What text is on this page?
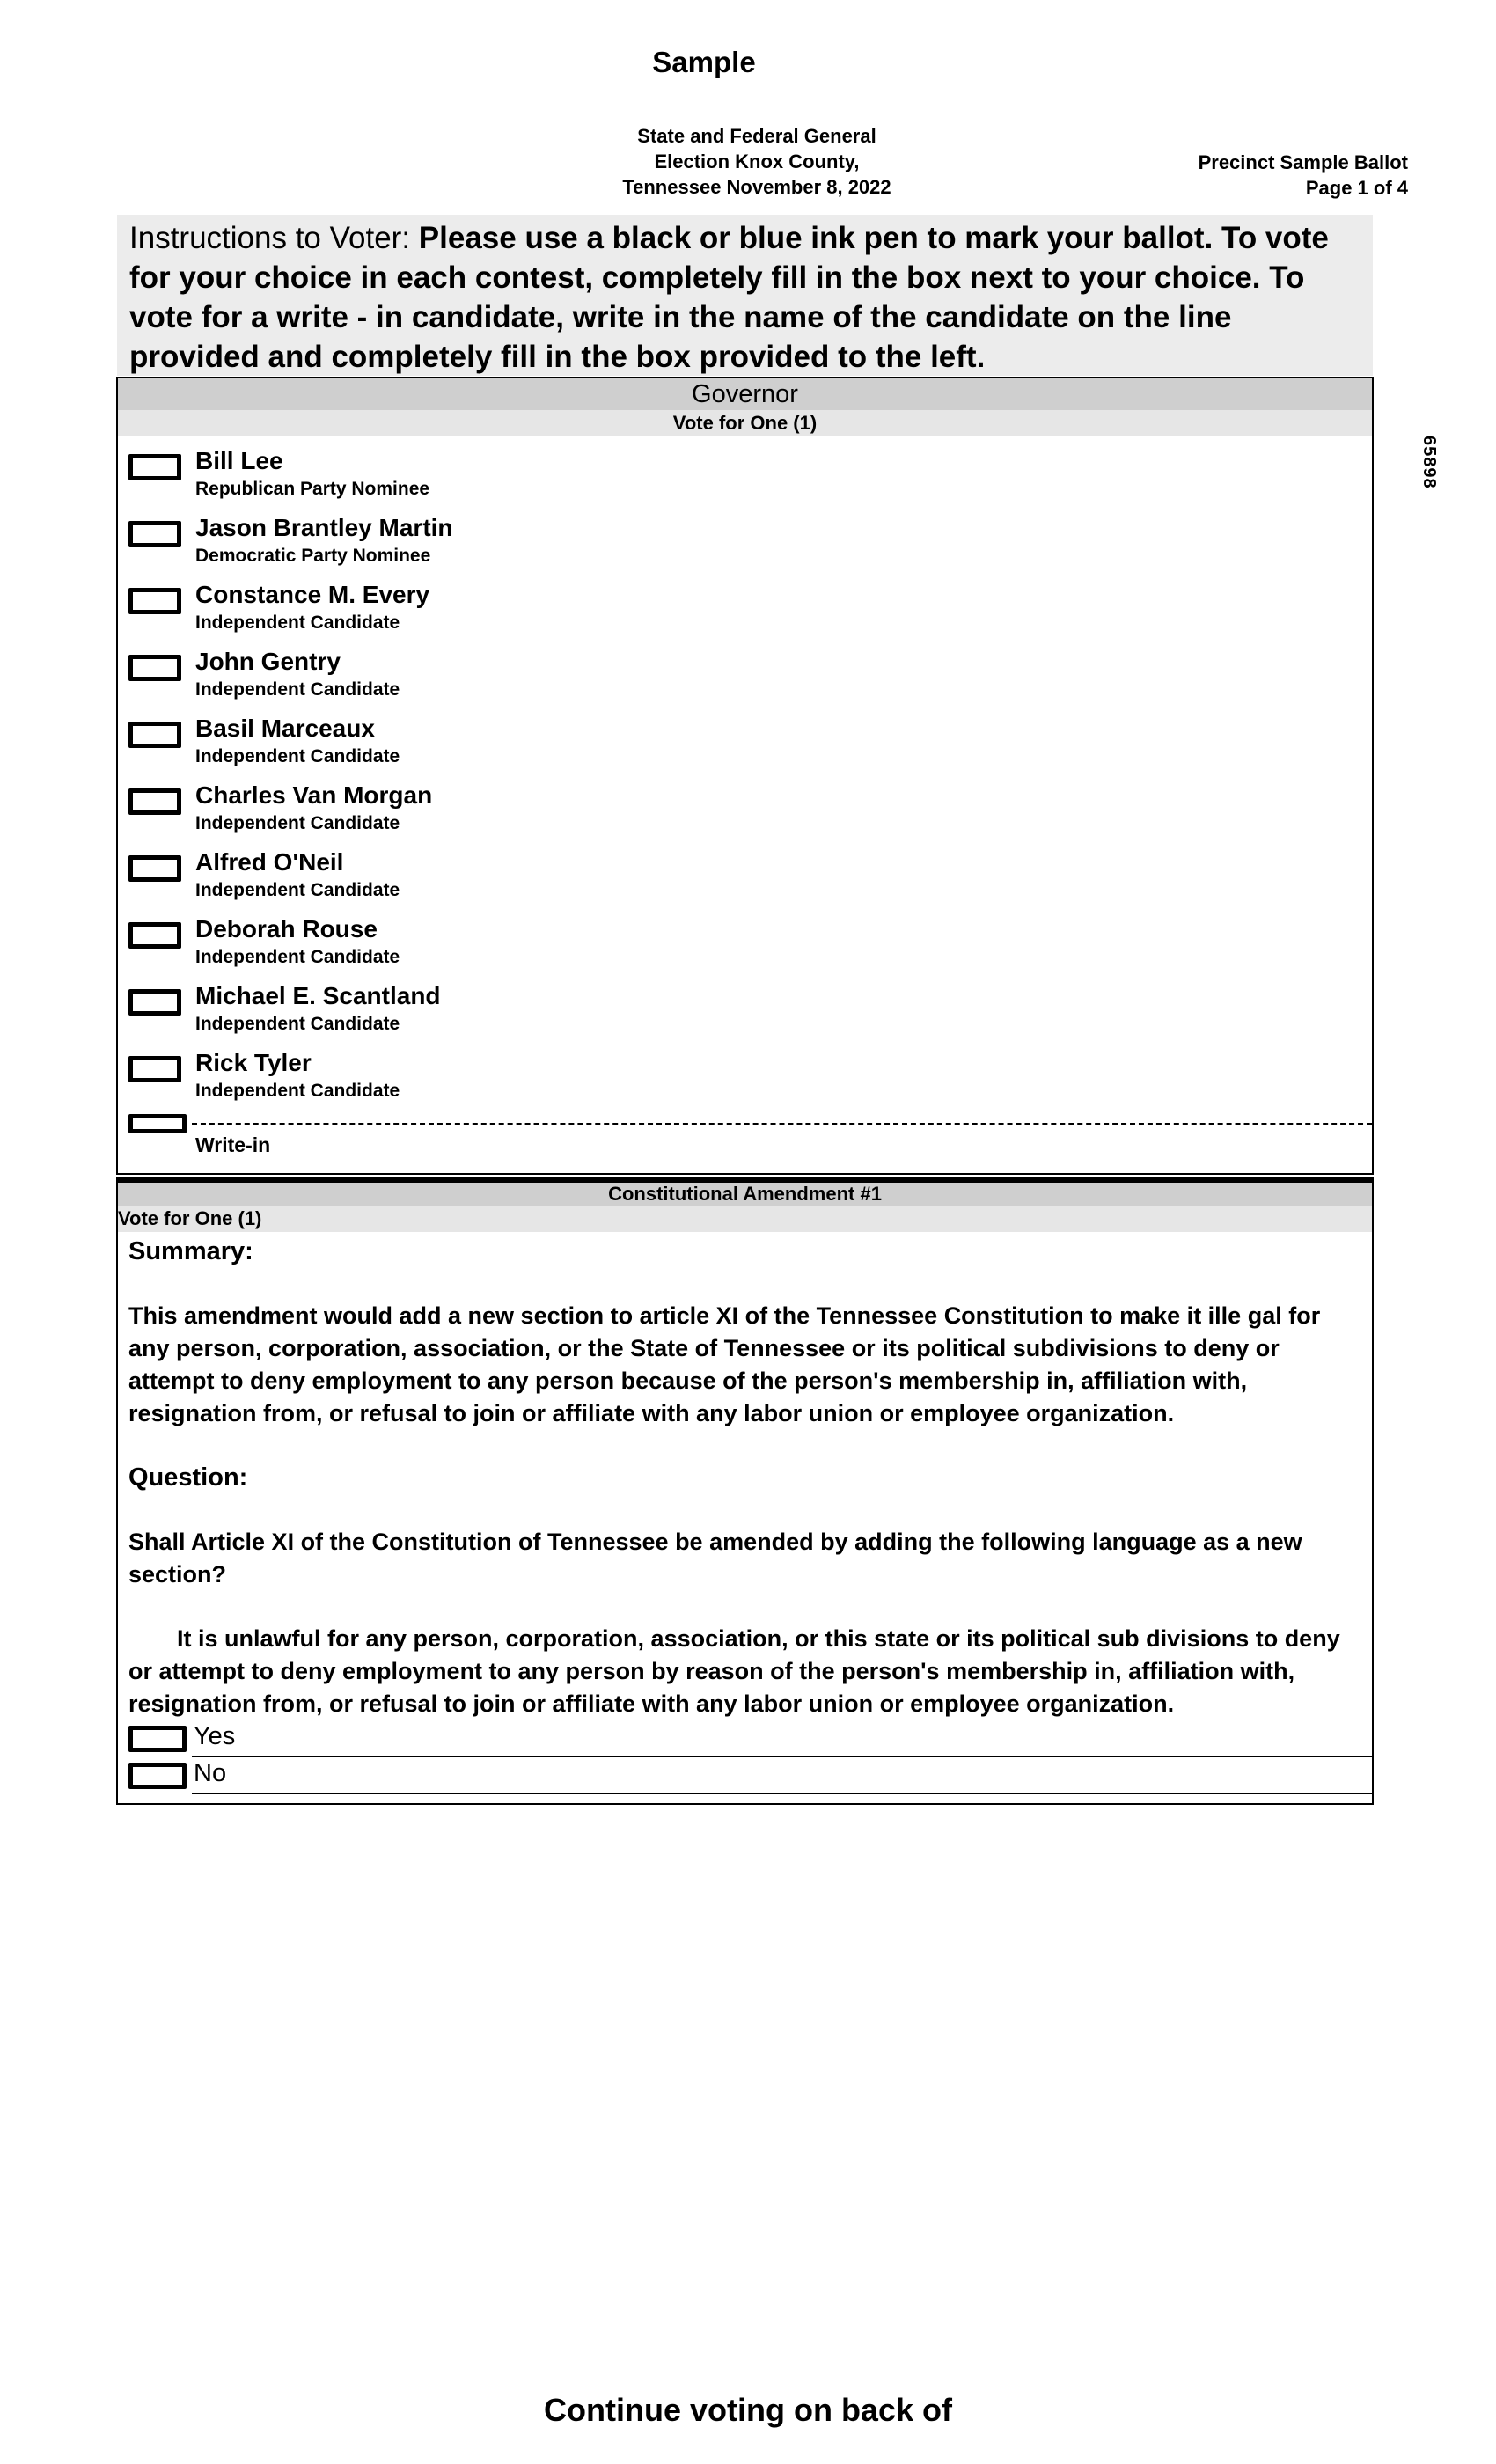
Sample
State and Federal General
Election Knox County,
Tennessee November 8, 2022
Precinct Sample Ballot
Page 1 of 4
65898
Instructions to Voter: Please use a black or blue ink pen to mark your ballot. To vote for your choice in each contest, completely fill in the box next to your choice. To vote for a write - in candidate, write in the name of the candidate on the line provided and completely fill in the box provided to the left.
Governor
Vote for One (1)
Bill Lee
Republican Party Nominee
Jason Brantley Martin
Democratic Party Nominee
Constance M. Every
Independent Candidate
John Gentry
Independent Candidate
Basil Marceaux
Independent Candidate
Charles Van Morgan
Independent Candidate
Alfred O'Neil
Independent Candidate
Deborah Rouse
Independent Candidate
Michael E. Scantland
Independent Candidate
Rick Tyler
Independent Candidate
Write-in
Constitutional Amendment #1
Vote for One (1)

Summary:

This amendment would add a new section to article XI of the Tennessee Constitution to make it ille gal for any person, corporation, association, or the State of Tennessee or its political subdivisions to deny or attempt to deny employment to any person because of the person's membership in, affiliation with, resignation from, or refusal to join or affiliate with any labor union or employee organization.

Question:

Shall Article XI of the Constitution of Tennessee be amended by adding the following language as a new section?

It is unlawful for any person, corporation, association, or this state or its political sub divisions to deny or attempt to deny employment to any person by reason of the person's membership in, affiliation with, resignation from, or refusal to join or affiliate with any labor union or employee organization.

Yes
No
Continue voting on back of
